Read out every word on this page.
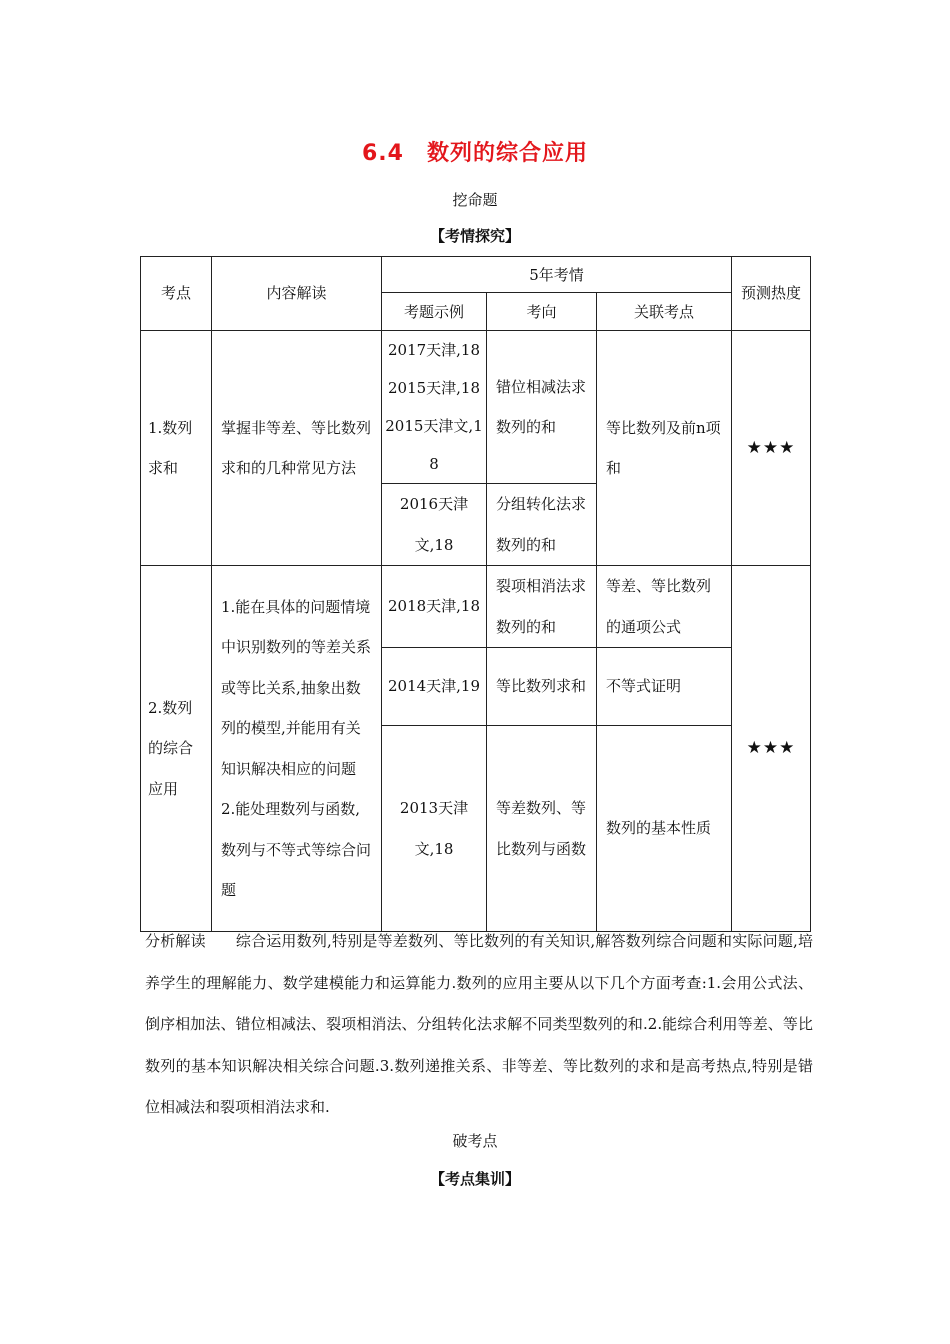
6.4　数列的综合应用
挖命题
【考情探究】
考点	内容解读	5年考情			预测热度
		考题示例	考向	关联考点	
1.数列求和	掌握非等差、等比数列求和的几种常见方法	2017天津,18 2015天津,18 2015天津文,18	错位相减法求数列的和	等比数列及前n项和	★★★
		2016天津文,18	分组转化法求数列的和		
2.数列的综合应用	1.能在具体的问题情境中识别数列的等差关系或等比关系,抽象出数列的模型,并能用有关知识解决相应的问题 2.能处理数列与函数,数列与不等式等综合问题	2018天津,18	裂项相消法求数列的和	等差、等比数列的通项公式	★★★
		2014天津,19	等比数列求和	不等式证明	
		2013天津文,18	等差数列、等比数列与函数	数列的基本性质	
分析解读 综合运用数列,特别是等差数列、等比数列的有关知识,解答数列综合问题和实际问题,培养学生的理解能力、数学建模能力和运算能力.数列的应用主要从以下几个方面考查:1.会用公式法、倒序相加法、错位相减法、裂项相消法、分组转化法求解不同类型数列的和.2.能综合利用等差、等比数列的基本知识解决相关综合问题.3.数列递推关系、非等差、等比数列的求和是高考热点,特别是错位相减法和裂项相消法求和.
破考点
【考点集训】
